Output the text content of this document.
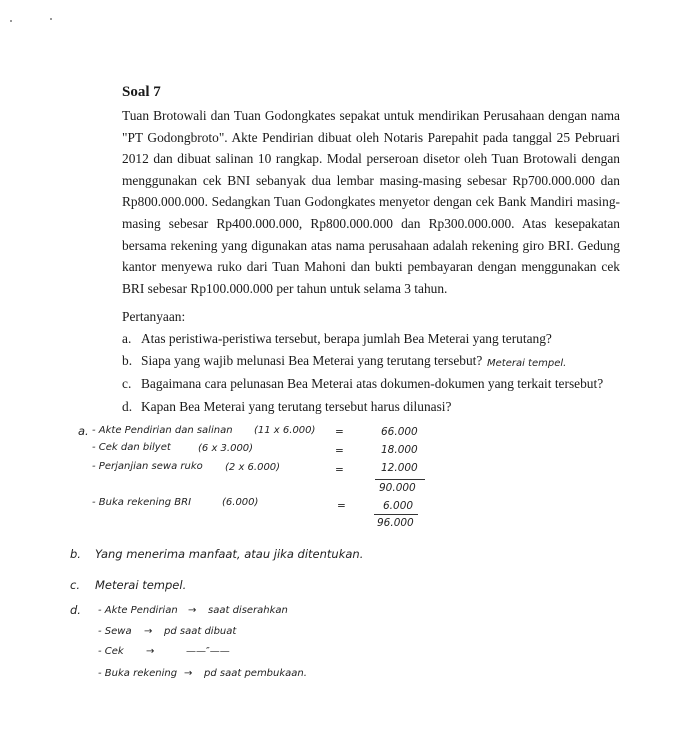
Soal 7
Tuan Brotowali dan Tuan Godongkates sepakat untuk mendirikan Perusahaan dengan nama
"PT Godongbroto". Akte Pendirian dibuat oleh Notaris Parepahit pada tanggal 25 Pebruari
2012 dan dibuat salinan 10 rangkap. Modal perseroan disetor oleh Tuan Brotowali dengan
menggunakan cek BNI sebanyak dua lembar masing-masing sebesar Rp700.000.000 dan
Rp800.000.000. Sedangkan Tuan Godongkates menyetor dengan cek Bank Mandiri masing-
masing sebesar Rp400.000.000, Rp800.000.000 dan Rp300.000.000. Atas kesepakatan
bersama rekening yang digunakan atas nama perusahaan adalah rekening giro BRI. Gedung
kantor menyewa ruko dari Tuan Mahoni dan bukti pembayaran dengan menggunakan cek
BRI sebesar Rp100.000.000 per tahun untuk selama 3 tahun.
Pertanyaan:
a. Atas peristiwa-peristiwa tersebut, berapa jumlah Bea Meterai yang terutang?
b. Siapa yang wajib melunasi Bea Meterai yang terutang tersebut? Meterai tempel.
c. Bagaimana cara pelunasan Bea Meterai atas dokumen-dokumen yang terkait tersebut?
d. Kapan Bea Meterai yang terutang tersebut harus dilunasi?
a. - Akte Pendirian dan salinan (11 x 6.000) =	66.000
- Cek dan bilyet	(6 x 3.000)	=	18.000
- Perjanjian sewa ruko (2 x 6.000)	=	12.000
90.000
- Buka rekening BRI	(6.000)	=	6.000
96.000
b. Yang menerima manfaat, atau jika ditentukan.
c. Meterai tempel.
d. - Akte Pendirian → saat diserahkan
- Sewa → pd saat dibuat
- Cek →	——″——
- Buka rekening → pd saat pembukaan.
